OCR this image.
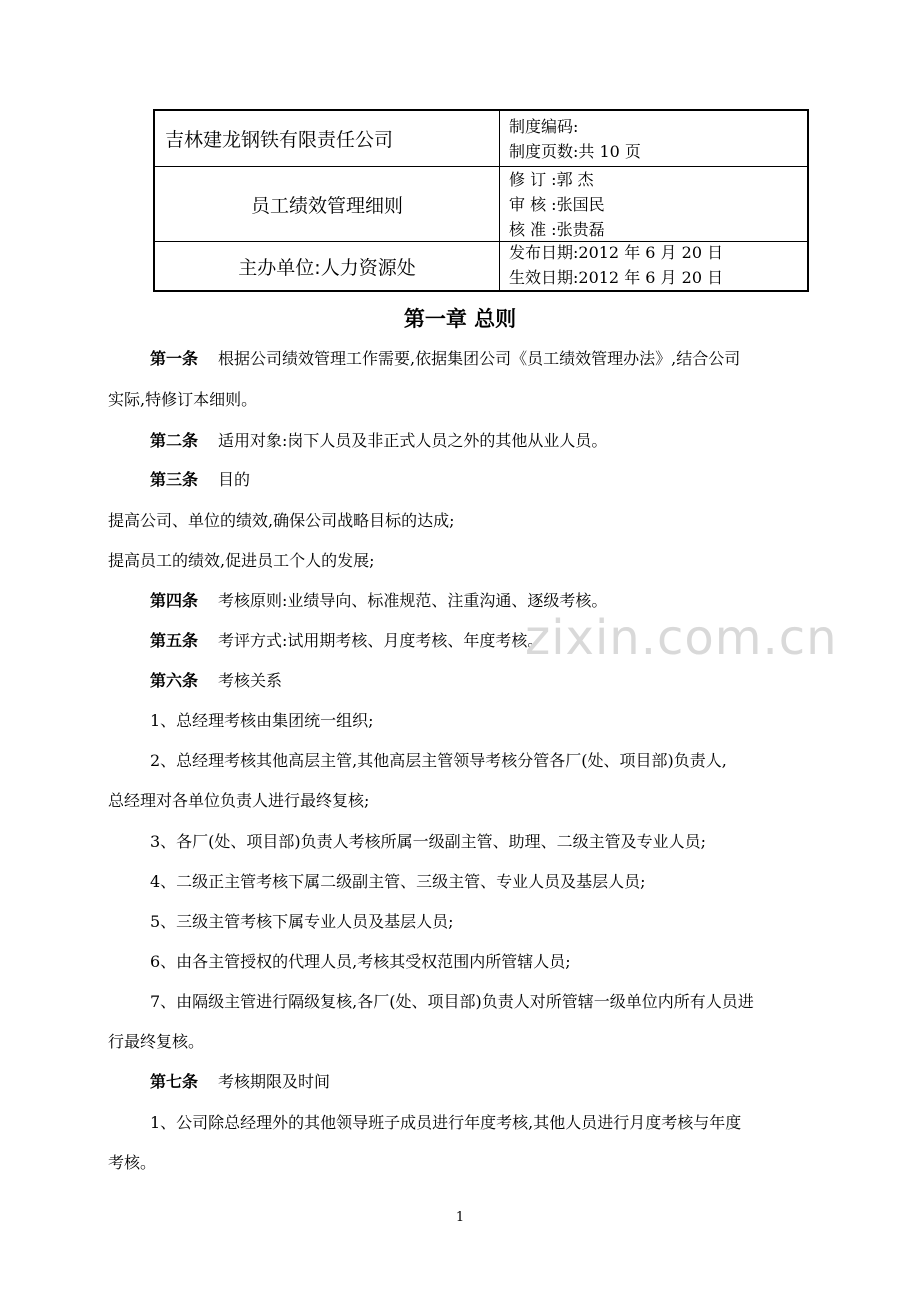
吉林建龙钢铁有限责任公司
制度编码:
制度页数:共 10 页
员工绩效管理细则
修 订 :郭 杰
审 核 :张国民
核 准 :张贵磊
主办单位:人力资源处
发布日期:2012 年 6 月 20 日
生效日期:2012 年 6 月 20 日
第一章 总则
第一条 根据公司绩效管理工作需要,依据集团公司《员工绩效管理办法》,结合公司
实际,特修订本细则。
第二条 适用对象:岗下人员及非正式人员之外的其他从业人员。
第三条 目的
提高公司、单位的绩效,确保公司战略目标的达成;
提高员工的绩效,促进员工个人的发展;
第四条 考核原则:业绩导向、标准规范、注重沟通、逐级考核。
第五条 考评方式:试用期考核、月度考核、年度考核。
第六条 考核关系
1、总经理考核由集团统一组织;
2、总经理考核其他高层主管,其他高层主管领导考核分管各厂(处、项目部)负责人,
总经理对各单位负责人进行最终复核;
3、各厂(处、项目部)负责人考核所属一级副主管、助理、二级主管及专业人员;
4、二级正主管考核下属二级副主管、三级主管、专业人员及基层人员;
5、三级主管考核下属专业人员及基层人员;
6、由各主管授权的代理人员,考核其受权范围内所管辖人员;
7、由隔级主管进行隔级复核,各厂(处、项目部)负责人对所管辖一级单位内所有人员进
行最终复核。
第七条 考核期限及时间
1、公司除总经理外的其他领导班子成员进行年度考核,其他人员进行月度考核与年度
考核。
zixin.com.cn
1
